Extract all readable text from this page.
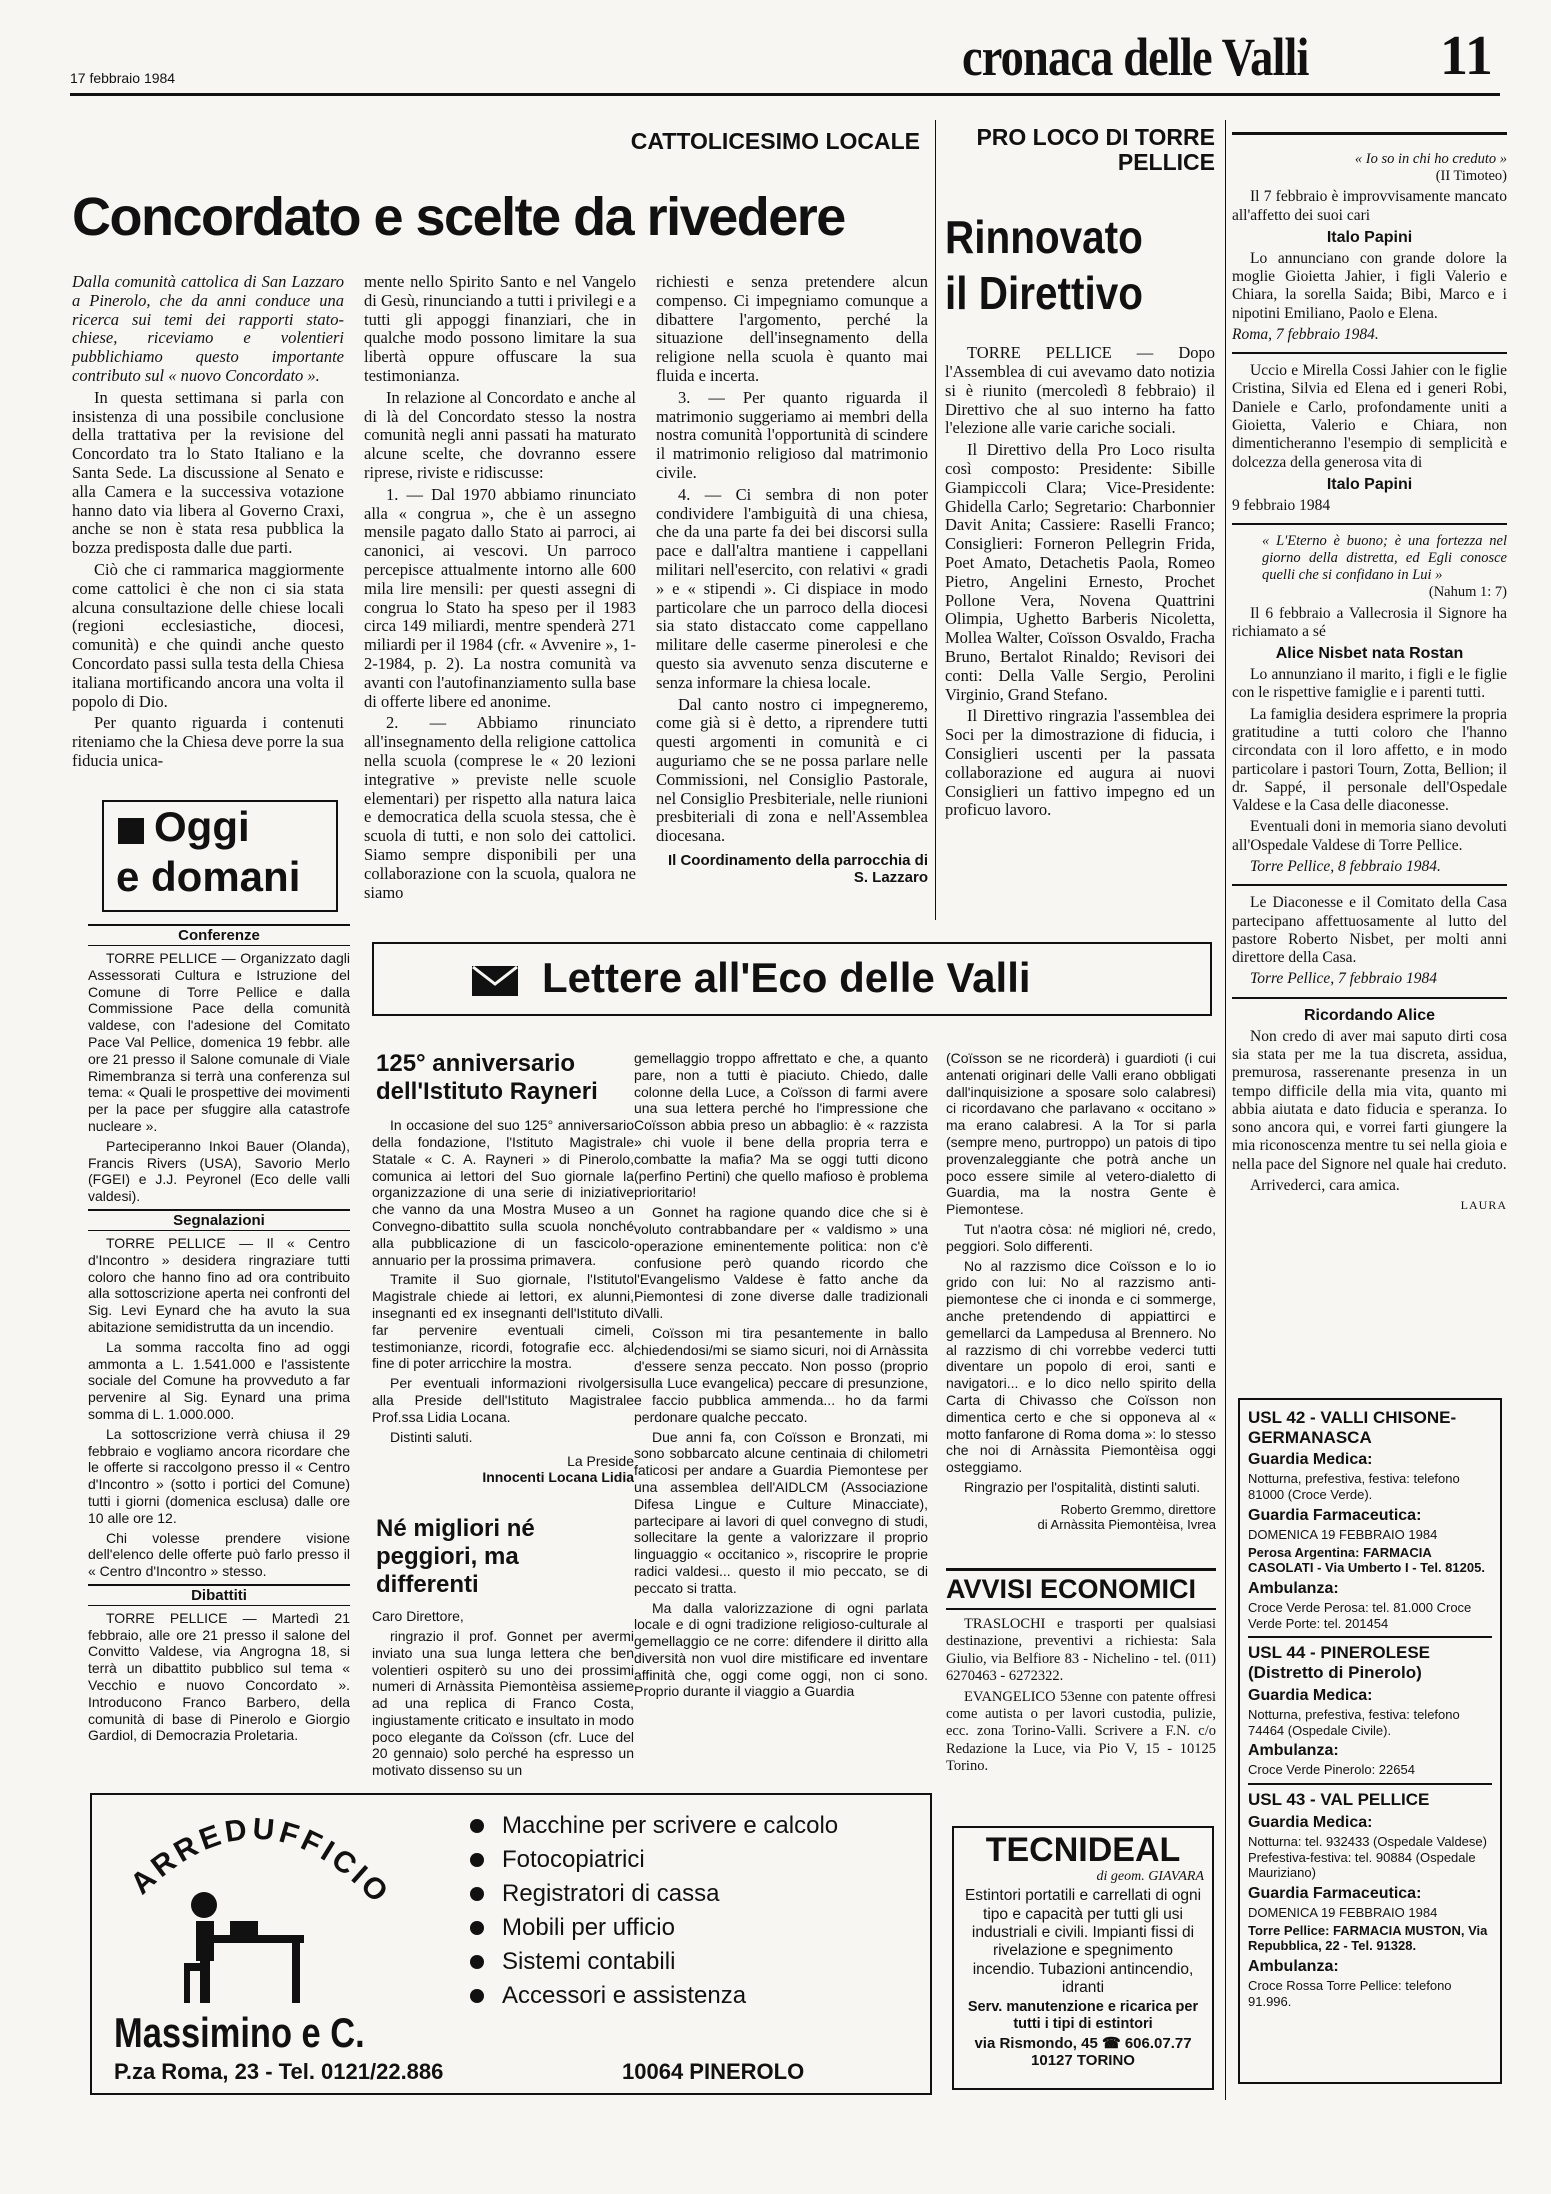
17 febbraio 1984	cronaca delle Valli 11
CATTOLICESIMO LOCALE
Concordato e scelte da rivedere

Dalla comunità cattolica di San Lazzaro a Pinerolo, che da anni conduce una ricerca sui temi dei rapporti stato-chiese, riceviamo e volentieri pubblichiamo questo importante contributo sul « nuovo Concordato ».

In questa settimana si parla con insistenza di una possibile conclusione della trattativa per la revisione del Concordato tra lo Stato Italiano e la Santa Sede. La discussione al Senato e alla Camera e la successiva votazione hanno dato via libera al Governo Craxi, anche se non è stata resa pubblica la bozza predisposta dalle due parti.

Ciò che ci rammarica maggiormente come cattolici è che non ci sia stata alcuna consultazione delle chiese locali (regioni ecclesiastiche, diocesi, comunità) e che quindi anche questo Concordato passi sulla testa della Chiesa italiana mortificando ancora una volta il popolo di Dio.

Per quanto riguarda i contenuti riteniamo che la Chiesa deve porre la sua fiducia unica-

mente nello Spirito Santo e nel Vangelo di Gesù, rinunciando a tutti i privilegi e a tutti gli appoggi finanziari, che in qualche modo possono limitare la sua libertà oppure offuscare la sua testimonianza.

In relazione al Concordato e anche al di là del Concordato stesso la nostra comunità negli anni passati ha maturato alcune scelte, che dovranno essere riprese, riviste e ridiscusse:

1. — Dal 1970 abbiamo rinunciato alla « congrua », che è un assegno mensile pagato dallo Stato ai parroci, ai canonici, ai vescovi. Un parroco percepisce attualmente intorno alle 600 mila lire mensili: per questi assegni di congrua lo Stato ha speso per il 1983 circa 149 miliardi, mentre spenderà 271 miliardi per il 1984 (cfr. « Avvenire », 1-2-1984, p. 2). La nostra comunità va avanti con l'autofinanziamento sulla base di offerte libere ed anonime.

2. — Abbiamo rinunciato all'insegnamento della religione cattolica nella scuola (comprese le « 20 lezioni integrative » previste nelle scuole elementari) per rispetto alla natura laica e democratica della scuola stessa, che è scuola di tutti, e non solo dei cattolici. Siamo sempre disponibili per una collaborazione con la scuola, qualora ne siamo

richiesti e senza pretendere alcun compenso. Ci impegniamo comunque a dibattere l'argomento, perché la situazione dell'insegnamento della religione nella scuola è quanto mai fluida e incerta.

3. — Per quanto riguarda il matrimonio suggeriamo ai membri della nostra comunità l'opportunità di scindere il matrimonio religioso dal matrimonio civile.

4. — Ci sembra di non poter condividere l'ambiguità di una chiesa, che da una parte fa dei bei discorsi sulla pace e dall'altra mantiene i cappellani militari nell'esercito, con relativi « gradi » e « stipendi ». Ci dispiace in modo particolare che un parroco della diocesi sia stato distaccato come cappellano militare delle caserme pinerolesi e che questo sia avvenuto senza discuterne e senza informare la chiesa locale.

Dal canto nostro ci impegneremo, come già si è detto, a riprendere tutti questi argomenti in comunità e ci auguriamo che se ne possa parlare nelle Commissioni, nel Consiglio Pastorale, nel Consiglio Presbiteriale, nelle riunioni presbiteriali di zona e nell'Assemblea diocesana.

Il Coordinamento della parrocchia di S. Lazzaro

PRO LOCO DI TORRE PELLICE
Rinnovato
il Direttivo

TORRE PELLICE — Dopo l'Assemblea di cui avevamo dato notizia si è riunito (mercoledì 8 febbraio) il Direttivo che al suo interno ha fatto l'elezione alle varie cariche sociali.

Il Direttivo della Pro Loco risulta così composto: Presidente: Sibille Giampiccoli Clara; Vice-Presidente: Ghidella Carlo; Segretario: Charbonnier Davit Anita; Cassiere: Raselli Franco; Consiglieri: Forneron Pellegrin Frida, Poet Amato, Detachetis Paola, Romeo Pietro, Angelini Ernesto, Prochet Pollone Vera, Novena Quattrini Olimpia, Ughetto Barberis Nicoletta, Mollea Walter, Coïsson Osvaldo, Fracha Bruno, Bertalot Rinaldo; Revisori dei conti: Della Valle Sergio, Perolini Virginio, Grand Stefano.

Il Direttivo ringrazia l'assemblea dei Soci per la dimostrazione di fiducia, i Consiglieri uscenti per la passata collaborazione ed augura ai nuovi Consiglieri un fattivo impegno ed un proficuo lavoro.

Oggi
e domani
Conferenze

TORRE PELLICE — Organizzato dagli Assessorati Cultura e Istruzione del Comune di Torre Pellice e dalla Commissione Pace della comunità valdese, con l'adesione del Comitato Pace Val Pellice, domenica 19 febbr. alle ore 21 presso il Salone comunale di Viale Rimembranza si terrà una conferenza sul tema: « Quali le prospettive dei movimenti per la pace per sfuggire alla catastrofe nucleare ».

Parteciperanno Inkoi Bauer (Olanda), Francis Rivers (USA), Savorio Merlo (FGEI) e J.J. Peyronel (Eco delle valli valdesi).

Segnalazioni

TORRE PELLICE — Il « Centro d'Incontro » desidera ringraziare tutti coloro che hanno fino ad ora contribuito alla sottoscrizione aperta nei confronti del Sig. Levi Eynard che ha avuto la sua abitazione semidistrutta da un incendio.

La somma raccolta fino ad oggi ammonta a L. 1.541.000 e l'assistente sociale del Comune ha provveduto a far pervenire al Sig. Eynard una prima somma di L. 1.000.000.

La sottoscrizione verrà chiusa il 29 febbraio e vogliamo ancora ricordare che le offerte si raccolgono presso il « Centro d'Incontro » (sotto i portici del Comune) tutti i giorni (domenica esclusa) dalle ore 10 alle ore 12.

Chi volesse prendere visione dell'elenco delle offerte può farlo presso il « Centro d'Incontro » stesso.

Dibattiti

TORRE PELLICE — Martedì 21 febbraio, alle ore 21 presso il salone del Convitto Valdese, via Angrogna 18, si terrà un dibattito pubblico sul tema « Vecchio e nuovo Concordato ». Introducono Franco Barbero, della comunità di base di Pinerolo e Giorgio Gardiol, di Democrazia Proletaria.

Lettere all'Eco delle Valli
125° anniversario dell'Istituto Rayneri

In occasione del suo 125° anniversario della fondazione, l'Istituto Magistrale Statale « C. A. Rayneri » di Pinerolo, comunica ai lettori del Suo giornale la organizzazione di una serie di iniziative che vanno da una Mostra Museo a un Convegno-dibattito sulla scuola nonché alla pubblicazione di un fascicolo-annuario per la prossima primavera.

Tramite il Suo giornale, l'Istituto Magistrale chiede ai lettori, ex alunni, insegnanti ed ex insegnanti dell'Istituto di far pervenire eventuali cimeli, testimonianze, ricordi, fotografie ecc. al fine di poter arricchire la mostra.

Per eventuali informazioni rivolgersi alla Preside dell'Istituto Magistrale Prof.ssa Lidia Locana.

Distinti saluti.

La Preside

Innocenti Locana Lidia

Né migliori né peggiori, ma differenti

Caro Direttore,

ringrazio il prof. Gonnet per avermi inviato una sua lunga lettera che ben volentieri ospiterò su uno dei prossimi numeri di Arnàssita Piemontèisa assieme ad una replica di Franco Costa, ingiustamente criticato e insultato in modo poco elegante da Coïsson (cfr. Luce del 20 gennaio) solo perché ha espresso un motivato dissenso su un

gemellaggio troppo affrettato e che, a quanto pare, non a tutti è piaciuto. Chiedo, dalle colonne della Luce, a Coïsson di farmi avere una sua lettera perché ho l'impressione che Coïsson abbia preso un abbaglio: è « razzista » chi vuole il bene della propria terra e combatte la mafia? Ma se oggi tutti dicono (perfino Pertini) che quello mafioso è problema prioritario!

Gonnet ha ragione quando dice che si è voluto contrabbandare per « valdismo » una operazione eminentemente politica: non c'è confusione però quando ricordo che l'Evangelismo Valdese è fatto anche da Piemontesi di zone diverse dalle tradizionali Valli.

Coïsson mi tira pesantemente in ballo chiedendosi/mi se siamo sicuri, noi di Arnàssita d'essere senza peccato. Non posso (proprio sulla Luce evangelica) peccare di presunzione, e faccio pubblica ammenda... ho da farmi perdonare qualche peccato.

Due anni fa, con Coïsson e Bronzati, mi sono sobbarcato alcune centinaia di chilometri faticosi per andare a Guardia Piemontese per una assemblea dell'AIDLCM (Associazione Difesa Lingue e Culture Minacciate), partecipare ai lavori di quel convegno di studi, sollecitare la gente a valorizzare il proprio linguaggio « occitanico », riscoprire le proprie radici valdesi... questo il mio peccato, se di peccato si tratta.

Ma dalla valorizzazione di ogni parlata locale e di ogni tradizione religioso-culturale al gemellaggio ce ne corre: difendere il diritto alla diversità non vuol dire mistificare ed inventare affinità che, oggi come oggi, non ci sono. Proprio durante il viaggio a Guardia

(Coïsson se ne ricorderà) i guardioti (i cui antenati originari delle Valli erano obbligati dall'inquisizione a sposare solo calabresi) ci ricordavano che parlavano « occitano » ma erano calabresi. A la Tor si parla (sempre meno, purtroppo) un patois di tipo provenzaleggiante che potrà anche un poco essere simile al vetero-dialetto di Guardia, ma la nostra Gente è Piemontese.

Tut n'aotra còsa: né migliori né, credo, peggiori. Solo differenti.

No al razzismo dice Coïsson e lo io grido con lui: No al razzismo anti-piemontese che ci inonda e ci sommerge, anche pretendendo di appiattirci e gemellarci da Lampedusa al Brennero. No al razzismo di chi vorrebbe vederci tutti diventare un popolo di eroi, santi e navigatori... e lo dico nello spirito della Carta di Chivasso che Coïsson non dimentica certo e che si opponeva al « motto fanfarone di Roma doma »: lo stesso che noi di Arnàssita Piemontèisa oggi osteggiamo.

Ringrazio per l'ospitalità, distinti saluti.

Roberto Gremmo, direttore

di Arnàssita Piemontèisa, Ivrea

AVVISI ECONOMICI

TRASLOCHI e trasporti per qualsiasi destinazione, preventivi a richiesta: Sala Giulio, via Belfiore 83 - Nichelino - tel. (011) 6270463 - 6272322.

EVANGELICO 53enne con patente offresi come autista o per lavori custodia, pulizie, ecc. zona Torino-Valli. Scrivere a F.N. c/o Redazione la Luce, via Pio V, 15 - 10125 Torino.

ARREDUFFICIO
Massimino e C.
P.za Roma, 23 - Tel. 0121/22.886
Macchine per scrivere e calcolo
Fotocopiatrici
Registratori di cassa
Mobili per ufficio
Sistemi contabili
Accessori e assistenza
10064 PINEROLO
TECNIDEAL
di geom. GIAVARA

Estintori portatili e carrellati di ogni tipo e capacità per tutti gli usi industriali e civili. Impianti fissi di rivelazione e spegnimento incendio. Tubazioni antincendio, idranti

Serv. manutenzione e ricarica per tutti i tipi di estintori

via Rismondo, 45 ☎ 606.07.77
10127 TORINO

« Io so in chi ho creduto »

(II Timoteo)

Il 7 febbraio è improvvisamente mancato all'affetto dei suoi cari

Italo Papini

Lo annunciano con grande dolore la moglie Gioietta Jahier, i figli Valerio e Chiara, la sorella Saida; Bibi, Marco e i nipotini Emiliano, Paolo e Elena.

Roma, 7 febbraio 1984.

Uccio e Mirella Cossi Jahier con le figlie Cristina, Silvia ed Elena ed i generi Robi, Daniele e Carlo, profondamente uniti a Gioietta, Valerio e Chiara, non dimenticheranno l'esempio di semplicità e dolcezza della generosa vita di

Italo Papini

9 febbraio 1984

« L'Eterno è buono; è una fortezza nel giorno della distretta, ed Egli conosce quelli che si confidano in Lui »

(Nahum 1: 7)

Il 6 febbraio a Vallecrosia il Signore ha richiamato a sé

Alice Nisbet nata Rostan

Lo annunziano il marito, i figli e le figlie con le rispettive famiglie e i parenti tutti.

La famiglia desidera esprimere la propria gratitudine a tutti coloro che l'hanno circondata con il loro affetto, e in modo particolare i pastori Tourn, Zotta, Bellion; il dr. Sappé, il personale dell'Ospedale Valdese e la Casa delle diaconesse.

Eventuali doni in memoria siano devoluti all'Ospedale Valdese di Torre Pellice.

Torre Pellice, 8 febbraio 1984.

Le Diaconesse e il Comitato della Casa partecipano affettuosamente al lutto del pastore Roberto Nisbet, per molti anni direttore della Casa.

Torre Pellice, 7 febbraio 1984

Ricordando Alice

Non credo di aver mai saputo dirti cosa sia stata per me la tua discreta, assidua, premurosa, rasserenante presenza in un tempo difficile della mia vita, quanto mi abbia aiutata e dato fiducia e speranza. Io sono ancora qui, e vorrei farti giungere la mia riconoscenza mentre tu sei nella gioia e nella pace del Signore nel quale hai creduto.

Arrivederci, cara amica.

LAURA

USL 42 - VALLI CHISONE-GERMANASCA
Guardia Medica:

Notturna, prefestiva, festiva: telefono 81000 (Croce Verde).

Guardia Farmaceutica:

DOMENICA 19 FEBBRAIO 1984

Perosa Argentina: FARMACIA CASOLATI - Via Umberto I - Tel. 81205.

Ambulanza:

Croce Verde Perosa: tel. 81.000 Croce Verde Porte: tel. 201454

USL 44 - PINEROLESE (Distretto di Pinerolo)
Guardia Medica:

Notturna, prefestiva, festiva: telefono 74464 (Ospedale Civile).

Ambulanza:

Croce Verde Pinerolo: 22654

USL 43 - VAL PELLICE
Guardia Medica:

Notturna: tel. 932433 (Ospedale Valdese) Prefestiva-festiva: tel. 90884 (Ospedale Mauriziano)

Guardia Farmaceutica:

DOMENICA 19 FEBBRAIO 1984

Torre Pellice: FARMACIA MUSTON, Via Repubblica, 22 - Tel. 91328.

Ambulanza:

Croce Rossa Torre Pellice: telefono 91.996.
